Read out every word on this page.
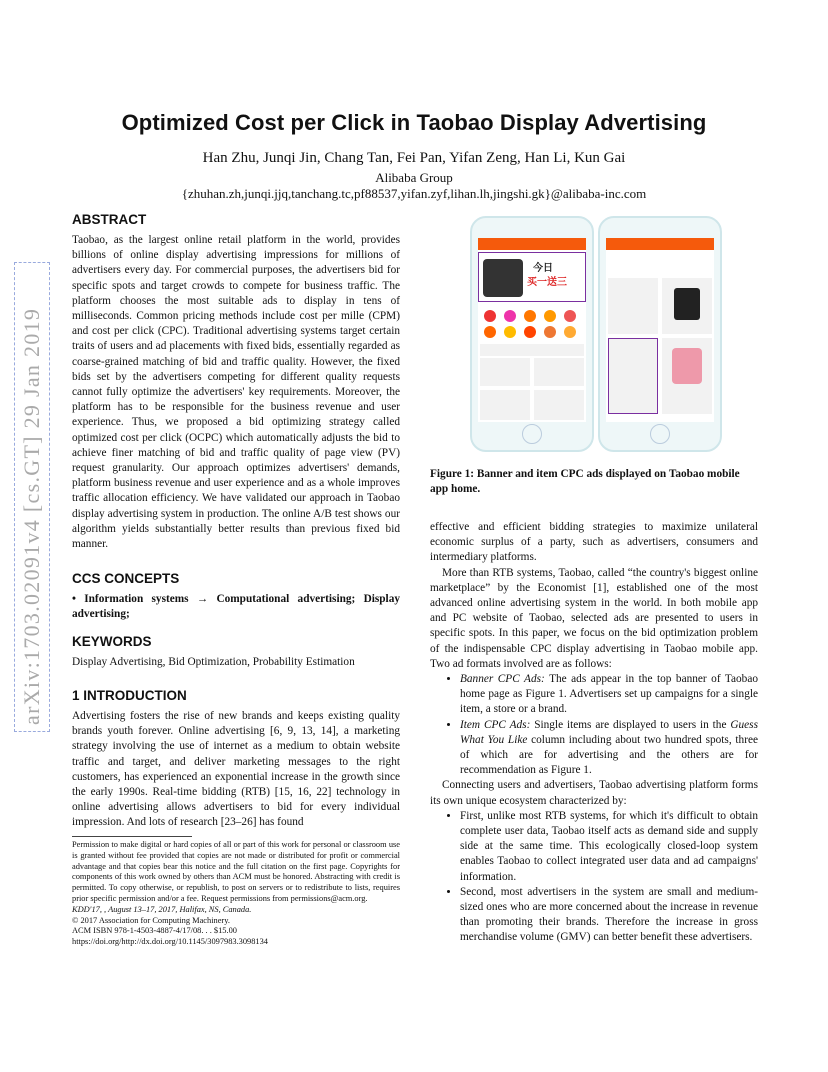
Optimized Cost per Click in Taobao Display Advertising
Han Zhu, Junqi Jin, Chang Tan, Fei Pan, Yifan Zeng, Han Li, Kun Gai
Alibaba Group
{zhuhan.zh,junqi.jjq,tanchang.tc,pf88537,yifan.zyf,lihan.lh,jingshi.gk}@alibaba-inc.com
arXiv:1703.02091v4 [cs.GT] 29 Jan 2019
ABSTRACT

Taobao, as the largest online retail platform in the world, provides billions of online display advertising impressions for millions of advertisers every day. For commercial purposes, the advertisers bid for specific spots and target crowds to compete for business traffic. The platform chooses the most suitable ads to display in tens of milliseconds. Common pricing methods include cost per mille (CPM) and cost per click (CPC). Traditional advertising systems target certain traits of users and ad placements with fixed bids, essentially regarded as coarse-grained matching of bid and traffic quality. However, the fixed bids set by the advertisers competing for different quality requests cannot fully optimize the advertisers' key requirements. Moreover, the platform has to be responsible for the business revenue and user experience. Thus, we proposed a bid optimizing strategy called optimized cost per click (OCPC) which automatically adjusts the bid to achieve finer matching of bid and traffic quality of page view (PV) request granularity. Our approach optimizes advertisers' demands, platform business revenue and user experience and as a whole improves traffic allocation efficiency. We have validated our approach in Taobao display advertising system in production. The online A/B test shows our algorithm yields substantially better results than previous fixed bid manner.

CCS CONCEPTS
• Information systems → Computational advertising; Display advertising;
KEYWORDS
Display Advertising, Bid Optimization, Probability Estimation
1 INTRODUCTION
Advertising fosters the rise of new brands and keeps existing quality brands youth forever. Online advertising [6, 9, 13, 14], a marketing strategy involving the use of internet as a medium to obtain website traffic and target, and deliver marketing messages to the right customers, has experienced an exponential increase in the growth since the early 1990s. Real-time bidding (RTB) [15, 16, 22] technology in online advertising allows advertisers to bid for every individual impression. And lots of research [23–26] has found

Permission to make digital or hard copies of all or part of this work for personal or classroom use is granted without fee provided that copies are not made or distributed for profit or commercial advantage and that copies bear this notice and the full citation on the first page. Copyrights for components of this work owned by others than ACM must be honored. Abstracting with credit is permitted. To copy otherwise, or republish, to post on servers or to redistribute to lists, requires prior specific permission and/or a fee. Request permissions from permissions@acm.org.

KDD'17, , August 13–17, 2017, Halifax, NS, Canada.

© 2017 Association for Computing Machinery.

ACM ISBN 978-1-4503-4887-4/17/08. . . $15.00

https://doi.org/http://dx.doi.org/10.1145/3097983.3098134

今日
买一送三
Figure 1: Banner and item CPC ads displayed on Taobao mobile app home.

effective and efficient bidding strategies to maximize unilateral economic surplus of a party, such as advertisers, consumers and intermediary platforms.

More than RTB systems, Taobao, called “the country's biggest online marketplace” by the Economist [1], established one of the most advanced online advertising system in the world. In both mobile app and PC website of Taobao, selected ads are presented to users in specific spots. In this paper, we focus on the bid optimization problem of the indispensable CPC display advertising in Taobao mobile app. Two ad formats involved are as follows:

• Banner CPC Ads: The ads appear in the top banner of Taobao home page as Figure 1. Advertisers set up campaigns for a single item, a store or a brand.
• Item CPC Ads: Single items are displayed to users in the Guess What You Like column including about two hundred spots, three of which are for advertising and the others are for recommendation as Figure 1.

Connecting users and advertisers, Taobao advertising platform forms its own unique ecosystem characterized by:

• First, unlike most RTB systems, for which it's difficult to obtain complete user data, Taobao itself acts as demand side and supply side at the same time. This ecologically closed-loop system enables Taobao to collect integrated user data and ad campaigns' information.
• Second, most advertisers in the system are small and medium-sized ones who are more concerned about the increase in revenue than promoting their brands. Therefore the increase in gross merchandise volume (GMV) can better benefit these advertisers.
